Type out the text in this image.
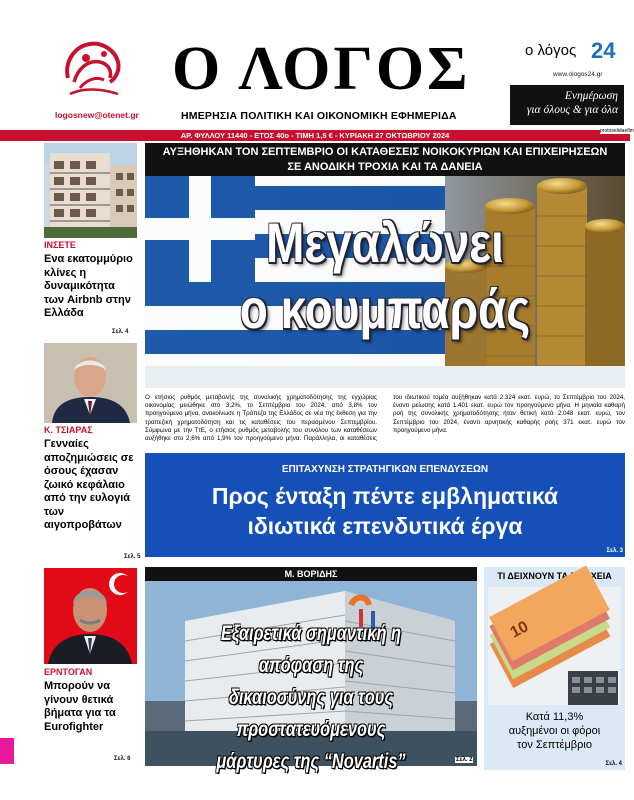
logosnew@otenet.gr
Ο ΛΟΓΟΣ
ΗΜΕΡΗΣΙΑ ΠΟΛΙΤΙΚΗ ΚΑΙ ΟΙΚΟΝΟΜΙΚΗ ΕΦΗΜΕΡΙΔΑ
ο λόγος 24
www.ologos24.gr
Ενημέρωση
για όλους & για όλα
ΑΡ. ΦΥΛΛΟΥ 11440 - ΕΤΟΣ 40ο - ΤΙΜΗ 1,5 € - ΚΥΡΙΑΚΗ 27 ΟΚΤΩΒΡΙΟΥ 2024	protoselidaefim
ΙΝΣΕΤΕ
Ενα εκατομμύριο κλίνες η δυναμικότητα των Airbnb στην Ελλάδα
Σελ. 4
Κ. ΤΣΙΑΡΑΣ
Γενναίες αποζημιώσεις σε όσους έχασαν ζωικό κεφάλαιο από την ευλογιά των αιγοπροβάτων
Σελ. 5
ΕΡΝΤΟΓΑΝ
Μπορούν να γίνουν θετικά βήματα για τα Eurofighter
Σελ. 6
ΑΥΞΗΘΗΚΑΝ ΤΟΝ ΣΕΠΤΕΜΒΡΙΟ ΟΙ ΚΑΤΑΘΕΣΕΙΣ ΝΟΙΚΟΚΥΡΙΩΝ ΚΑΙ ΕΠΙΧΕΙΡΗΣΕΩΝ
ΣΕ ΑΝΟΔΙΚΗ ΤΡΟΧΙΑ ΚΑΙ ΤΑ ΔΑΝΕΙΑ
Μεγαλώνει
ο κουμπαράς
Ο ετήσιος ρυθμός μεταβολής της συνολικής χρηματοδότησης της εγχώριας οικονομίας μειώθηκε στο 3,2%, το Σεπτέμβριο του 2024, από 3,8% τον προηγούμενο μήνα, ανακοίνωσε η Τράπεζα της Ελλάδος σε νέα της έκθεση για την τραπεζική χρηματοδότηση και τις καταθέσεις του περασμένου Σεπτεμβρίου. Σύμφωνα με την ΤτΕ, ο ετήσιος ρυθμός μεταβολής του συνόλου των καταθέσεων αυξήθηκε στο 2,6% από 1,9% τον προηγούμενο μήνα. Παράλληλα, οι καταθέσεις του ιδιωτικού τομέα αυξήθηκαν κατά 2.324 εκατ. ευρώ, το Σεπτέμβριο του 2024, έναντι μείωσης κατά 1.401 εκατ. ευρώ τον προηγούμενο μήνα. Η μηνιαία καθαρή ροή της συνολικής χρηματοδότησης ήταν θετική κατά 2.048 εκατ. ευρώ, τον Σεπτέμβριο του 2024, έναντι αρνητικής καθαρής ροής 371 εκατ. ευρώ τον προηγούμενο μήνα.
ΕΠΙΤΑΧΥΝΣΗ ΣΤΡΑΤΗΓΙΚΩΝ ΕΠΕΝΔΥΣΕΩΝ
Προς ένταξη πέντε εμβληματικά
ιδιωτικά επενδυτικά έργα
Σελ. 3
Μ. ΒΟΡΙΔΗΣ
Εξαιρετικά σημαντική η απόφαση της
δικαιοσύνης για τους προστατευόμενους
μάρτυρες της “Novartis”	Σελ. 2
ΤΙ ΔΕΙΧΝΟΥΝ ΤΑ ΣΤΟΙΧΕΙΑ
10
Κατά 11,3%
αυξημένοι οι φόροι
τον Σεπτέμβριο
Σελ. 4
